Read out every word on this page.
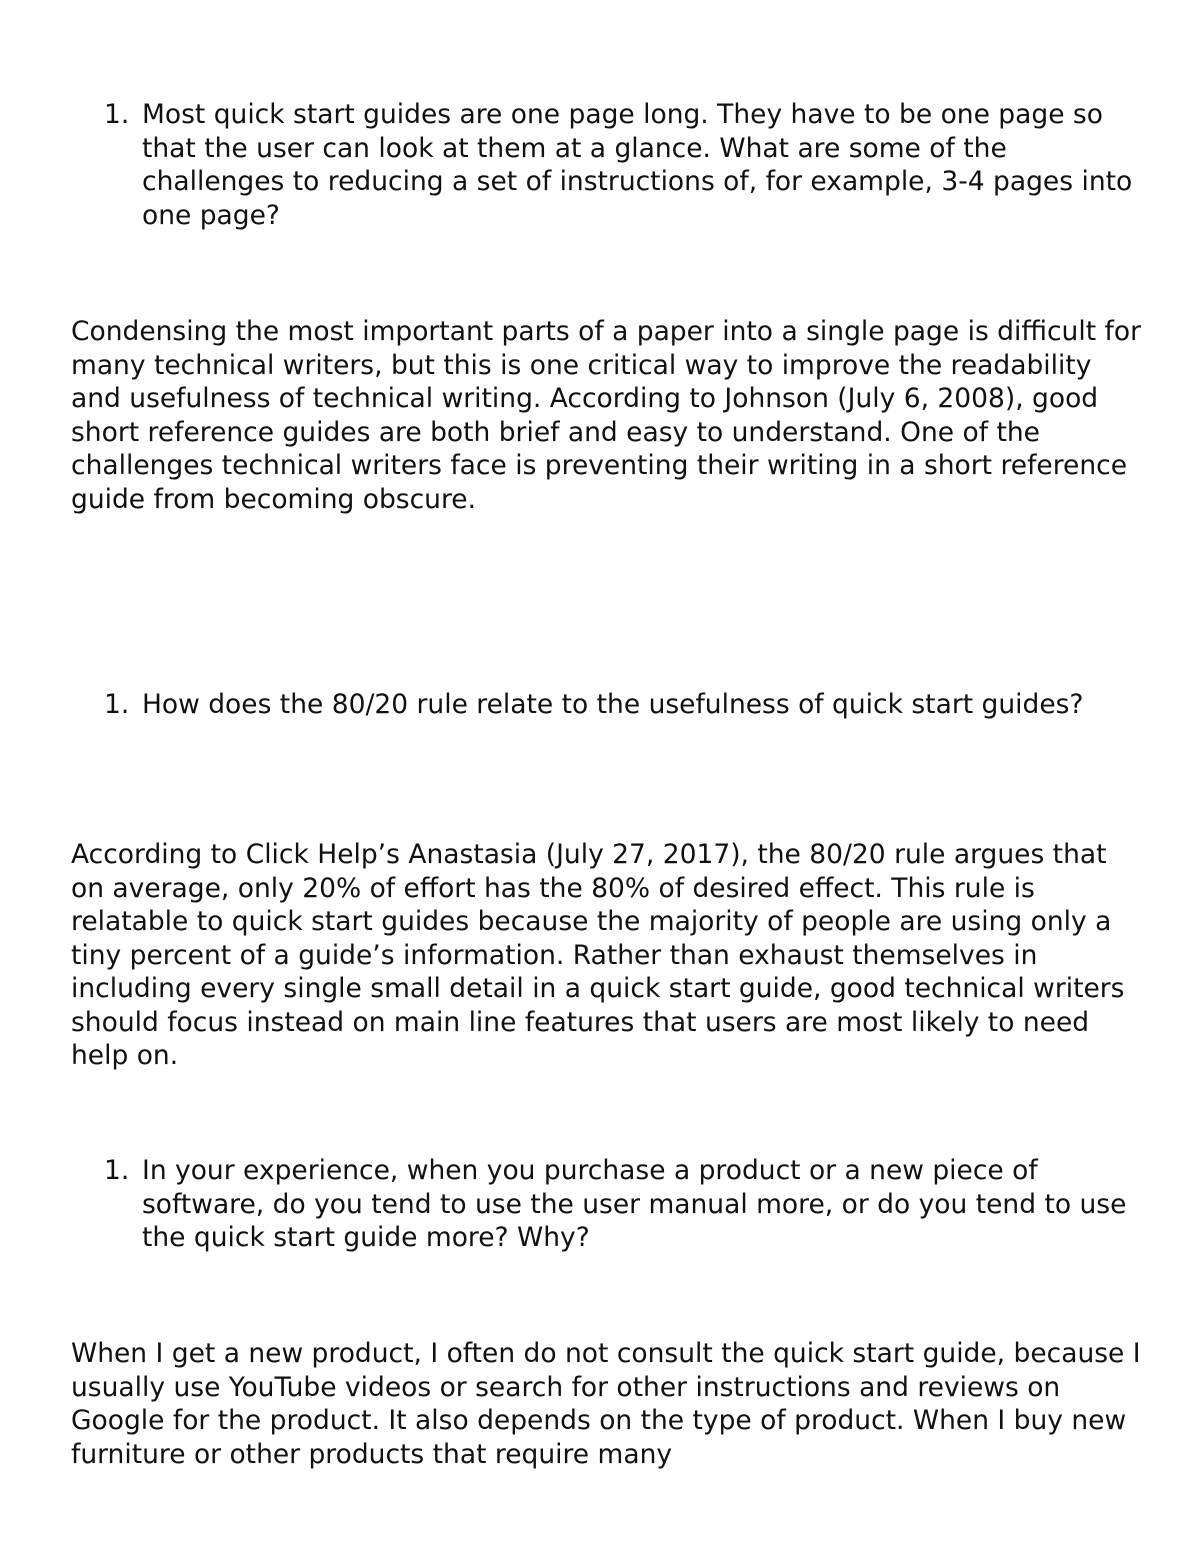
1. Most quick start guides are one page long. They have to be one page so that the user can look at them at a glance. What are some of the challenges to reducing a set of instructions of, for example, 3-4 pages into one page?

Condensing the most important parts of a paper into a single page is difficult for many technical writers, but this is one critical way to improve the readability and usefulness of technical writing. According to Johnson (July 6, 2008), good short reference guides are both brief and easy to understand. One of the challenges technical writers face is preventing their writing in a short reference guide from becoming obscure.

1. How does the 80/20 rule relate to the usefulness of quick start guides?

According to Click Help’s Anastasia (July 27, 2017), the 80/20 rule argues that on average, only 20% of effort has the 80% of desired effect. This rule is relatable to quick start guides because the majority of people are using only a tiny percent of a guide’s information. Rather than exhaust themselves in including every single small detail in a quick start guide, good technical writers should focus instead on main line features that users are most likely to need help on.

1. In your experience, when you purchase a product or a new piece of software, do you tend to use the user manual more, or do you tend to use the quick start guide more? Why?

When I get a new product, I often do not consult the quick start guide, because I usually use YouTube videos or search for other instructions and reviews on Google for the product. It also depends on the type of product. When I buy new furniture or other products that require many
